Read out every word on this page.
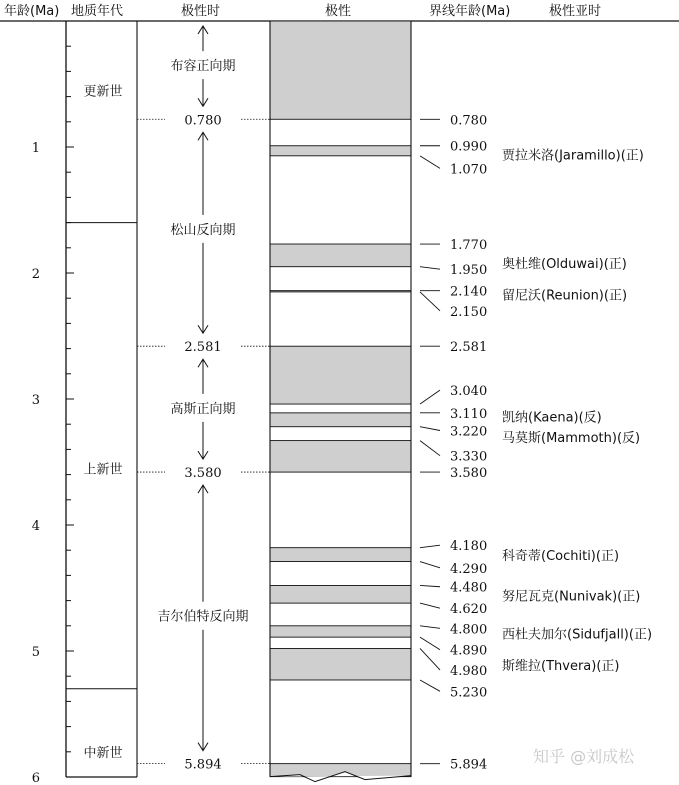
年龄(Ma) 地质年代	极性时	极性	界线年龄(Ma)	极性亚时
1
2
3
4
5
6
更新世
上新世
中新世
布容正向期
松山反向期
高斯正向期
吉尔伯特反向期
0.780
2.581
3.580
5.894
0.780
0.990
1.070
1.770
1.950
2.140
2.150
2.581
3.040
3.110
3.220
3.330
3.580
4.180
4.290
4.480
4.620
4.800
4.890
4.980
5.230
5.894
贾拉米洛(Jaramillo)(正)
奥杜维(Olduwai)(正)
留尼沃(Reunion)(正)
凯纳(Kaena)(反)
马莫斯(Mammoth)(反)
科奇蒂(Cochiti)(正)
努尼瓦克(Nunivak)(正)
西杜夫加尔(Sidufjall)(正)
斯维拉(Thvera)(正)
知乎 @刘成松
